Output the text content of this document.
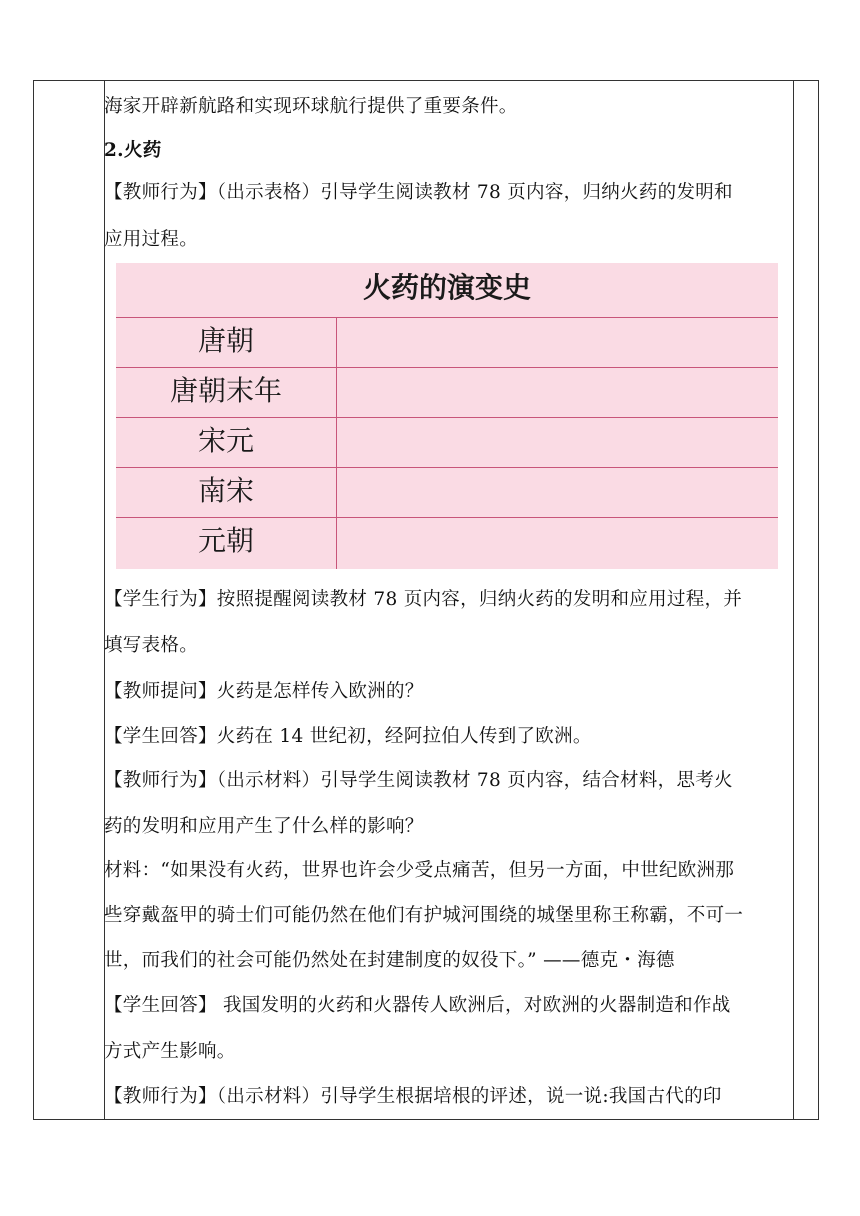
海家开辟新航路和实现环球航行提供了重要条件。
2.火药
【教师行为】（出示表格）引导学生阅读教材 78 页内容，归纳火药的发明和
应用过程。
火药的演变史
唐朝
唐朝末年
宋元
南宋
元朝
【学生行为】按照提醒阅读教材 78 页内容，归纳火药的发明和应用过程，并
填写表格。
【教师提问】火药是怎样传入欧洲的？
【学生回答】火药在 14 世纪初，经阿拉伯人传到了欧洲。
【教师行为】（出示材料）引导学生阅读教材 78 页内容，结合材料，思考火
药的发明和应用产生了什么样的影响？
材料：“如果没有火药，世界也许会少受点痛苦，但另一方面，中世纪欧洲那
些穿戴盔甲的骑士们可能仍然在他们有护城河围绕的城堡里称王称霸，不可一
世，而我们的社会可能仍然处在封建制度的奴役下。” ——德克・海德
【学生回答】 我国发明的火药和火器传人欧洲后，对欧洲的火器制造和作战
方式产生影响。
【教师行为】（出示材料）引导学生根据培根的评述，说一说:我国古代的印
